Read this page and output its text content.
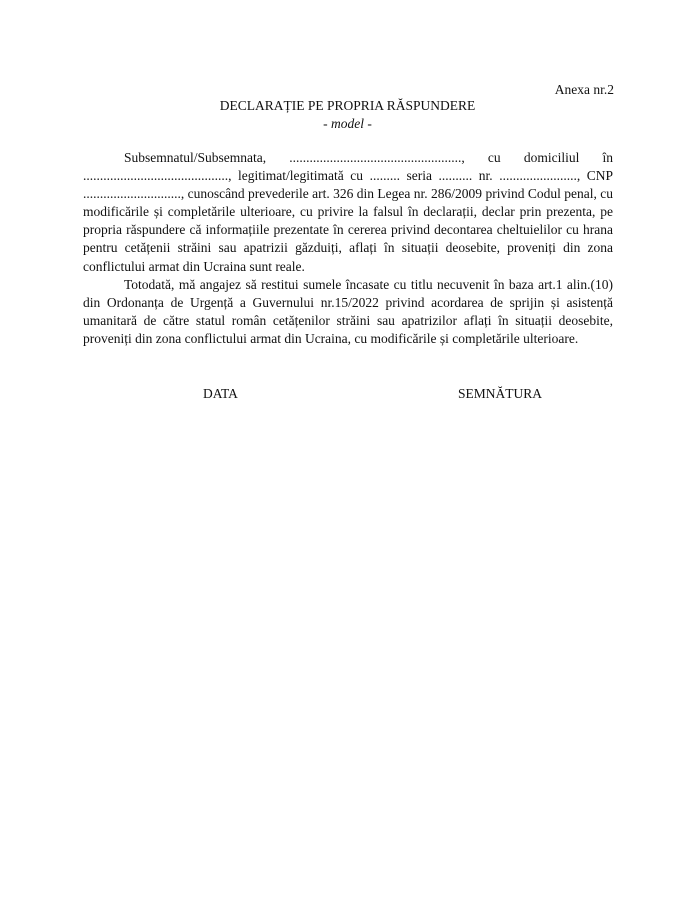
Anexa nr.2
DECLARAȚIE PE PROPRIA RĂSPUNDERE
- model -

Subsemnatul/Subsemnata, ..................................................., cu domiciliul în ..........................................., legitimat/legitimată cu ......... seria .......... nr. ......................., CNP ............................., cunoscând prevederile art. 326 din Legea nr. 286/2009 privind Codul penal, cu modificările și completările ulterioare, cu privire la falsul în declarații, declar prin prezenta, pe propria răspundere că informațiile prezentate în cererea privind decontarea cheltuielilor cu hrana pentru cetățenii străini sau apatrizii găzduiți, aflați în situații deosebite, proveniți din zona conflictului armat din Ucraina sunt reale.

Totodată, mă angajez să restitui sumele încasate cu titlu necuvenit în baza art.1 alin.(10) din Ordonanța de Urgență a Guvernului nr.15/2022 privind acordarea de sprijin și asistență umanitară de către statul român cetățenilor străini sau apatrizilor aflați în situații deosebite, proveniți din zona conflictului armat din Ucraina, cu modificările și completările ulterioare.

DATA	SEMNĂTURA
